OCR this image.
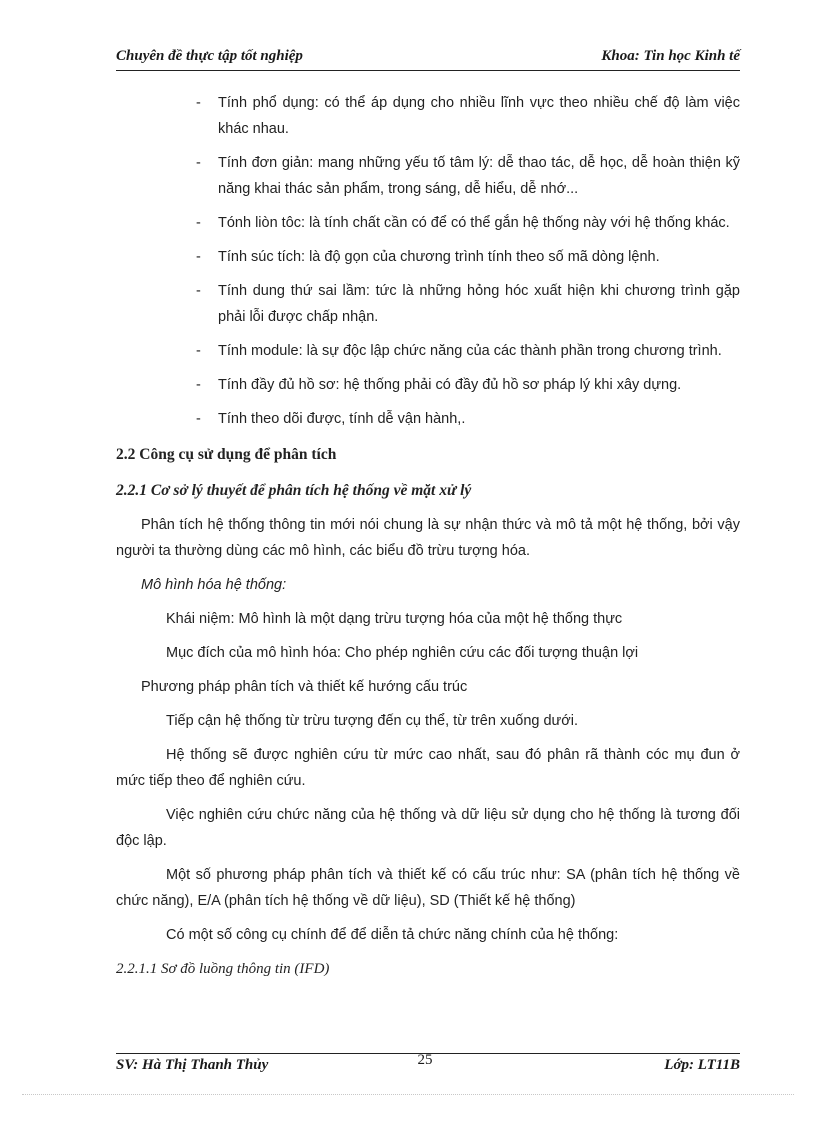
Chuyên đề thực tập tốt nghiệp	Khoa: Tin học Kinh tế
- Tính phổ dụng: có thể áp dụng cho nhiều lĩnh vực theo nhiều chế độ làm việc khác nhau.
- Tính đơn giản: mang những yếu tố tâm lý: dễ thao tác, dễ học, dễ hoàn thiện kỹ năng khai thác sản phẩm, trong sáng, dễ hiểu, dễ nhớ...
- Tónh liòn tôc: là tính chất cần có để có thể gắn hệ thống này với hệ thống khác.
- Tính súc tích: là độ gọn của chương trình tính theo số mã dòng lệnh.
- Tính dung thứ sai lầm: tức là những hỏng hóc xuất hiện khi chương trình gặp phải lỗi được chấp nhận.
- Tính module: là sự độc lập chức năng của các thành phần trong chương trình.
- Tính đầy đủ hồ sơ: hệ thống phải có đầy đủ hồ sơ pháp lý khi xây dựng.
- Tính theo dõi được, tính dễ vận hành,.
2.2 Công cụ sử dụng để phân tích
2.2.1 Cơ sở lý thuyết để phân tích hệ thống về mặt xử lý
Phân tích hệ thống thông tin mới nói chung là sự nhận thức và mô tả một hệ thống, bởi vậy người ta thường dùng các mô hình, các biểu đồ trừu tượng hóa.
Mô hình hóa hệ thống:
Khái niệm: Mô hình là một dạng trừu tượng hóa của một hệ thống thực
Mục đích của mô hình hóa: Cho phép nghiên cứu các đối tượng thuận lợi
Phương pháp phân tích và thiết kế hướng cấu trúc
Tiếp cận hệ thống từ trừu tượng đến cụ thể, từ trên xuống dưới.
Hệ thống sẽ được nghiên cứu từ mức cao nhất, sau đó phân rã thành cóc mụ đun ở mức tiếp theo để nghiên cứu.
Việc nghiên cứu chức năng của hệ thống và dữ liệu sử dụng cho hệ thống là tương đối độc lập.
Một số phương pháp phân tích và thiết kế có cấu trúc như: SA (phân tích hệ thống về chức năng), E/A (phân tích hệ thống về dữ liệu), SD (Thiết kế hệ thống)
Có một số công cụ chính để để diễn tả chức năng chính của hệ thống:
2.2.1.1 Sơ đồ luồng thông tin (IFD)
SV: Hà Thị Thanh Thủy	Lớp: LT11B
25
